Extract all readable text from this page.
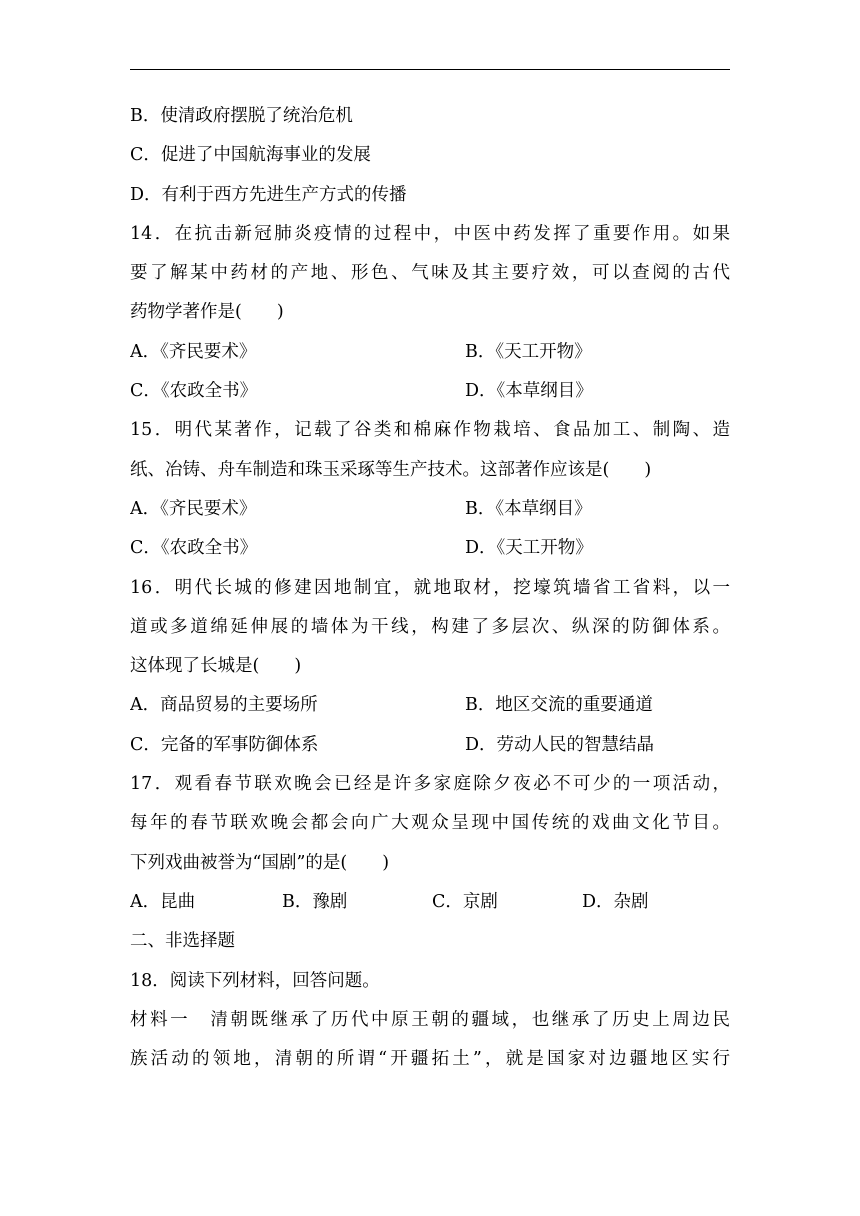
B．使清政府摆脱了统治危机
C．促进了中国航海事业的发展
D．有利于西方先进生产方式的传播
14．在抗击新冠肺炎疫情的过程中，中医中药发挥了重要作用。如果
要了解某中药材的产地、形色、气味及其主要疗效，可以查阅的古代
药物学著作是(　　)
A．《齐民要术》	B．《天工开物》
C．《农政全书》	D．《本草纲目》
15．明代某著作，记载了谷类和棉麻作物栽培、食品加工、制陶、造
纸、冶铸、舟车制造和珠玉采琢等生产技术。这部著作应该是(　　)
A．《齐民要术》	B．《本草纲目》
C．《农政全书》	D．《天工开物》
16．明代长城的修建因地制宜，就地取材，挖壕筑墙省工省料，以一
道或多道绵延伸展的墙体为干线，构建了多层次、纵深的防御体系。
这体现了长城是(　　)
A．商品贸易的主要场所	B．地区交流的重要通道
C．完备的军事防御体系	D．劳动人民的智慧结晶
17．观看春节联欢晚会已经是许多家庭除夕夜必不可少的一项活动，
每年的春节联欢晚会都会向广大观众呈现中国传统的戏曲文化节目。
下列戏曲被誉为“国剧”的是(　　)
A．昆曲	B．豫剧	C．京剧	D．杂剧
二、非选择题
18．阅读下列材料，回答问题。
材料一　清朝既继承了历代中原王朝的疆域，也继承了历史上周边民
族活动的领地，清朝的所谓“开疆拓土”，就是国家对边疆地区实行
